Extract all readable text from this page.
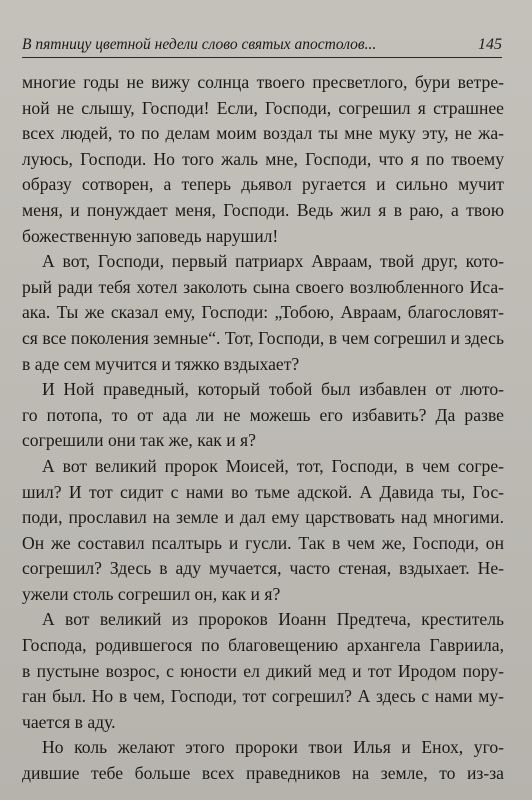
В пятницу цветной недели слово святых апостолов...	145
многие годы не вижу солнца твоего пресветлого, бури ветре-
ной не слышу, Господи! Если, Господи, согрешил я страшнее
всех людей, то по делам моим воздал ты мне муку эту, не жа-
луюсь, Господи. Но того жаль мне, Господи, что я по твоему
образу сотворен, а теперь дьявол ругается и сильно мучит
меня, и понуждает меня, Господи. Ведь жил я в раю, а твою
божественную заповедь нарушил!
А вот, Господи, первый патриарх Авраам, твой друг, кото-
рый ради тебя хотел заколоть сына своего возлюбленного Иса-
ака. Ты же сказал ему, Господи: „Тобою, Авраам, благословят-
ся все поколения земные“. Тот, Господи, в чем согрешил и здесь
в аде сем мучится и тяжко вздыхает?
И Ной праведный, который тобой был избавлен от люто-
го потопа, то от ада ли не можешь его избавить? Да разве
согрешили они так же, как и я?
А вот великий пророк Моисей, тот, Господи, в чем согре-
шил? И тот сидит с нами во тьме адской. А Давида ты, Гос-
поди, прославил на земле и дал ему царствовать над многими.
Он же составил псалтырь и гусли. Так в чем же, Господи, он
согрешил? Здесь в аду мучается, часто стеная, вздыхает. Не-
ужели столь согрешил он, как и я?
А вот великий из пророков Иоанн Предтеча, креститель
Господа, родившегося по благовещению архангела Гавриила,
в пустыне возрос, с юности ел дикий мед и тот Иродом пору-
ган был. Но в чем, Господи, тот согрешил? А здесь с нами му-
чается в аду.
Но коль желают этого пророки твои Илья и Енох, уго-
дившие тебе больше всех праведников на земле, то из-за
